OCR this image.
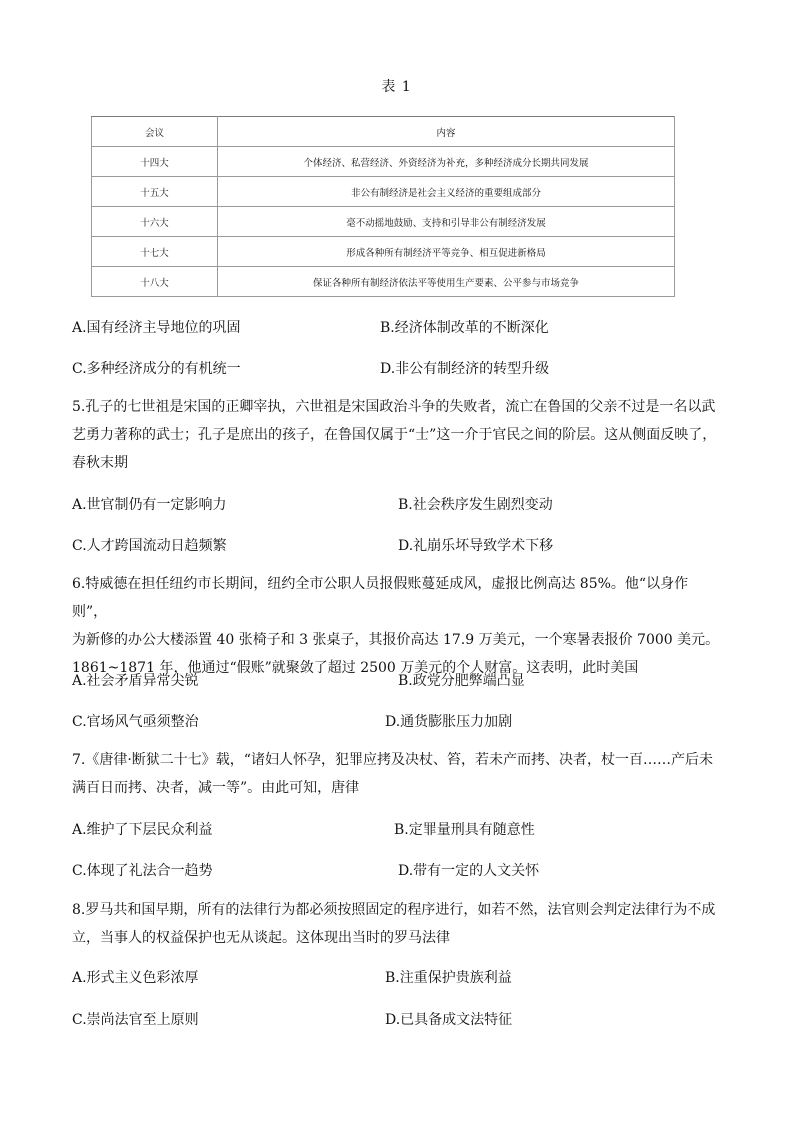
表 1
会议	内容
十四大	个体经济、私营经济、外资经济为补充，多种经济成分长期共同发展
十五大	非公有制经济是社会主义经济的重要组成部分
十六大	毫不动摇地鼓励、支持和引导非公有制经济发展
十七大	形成各种所有制经济平等竞争、相互促进新格局
十八大	保证各种所有制经济依法平等使用生产要素、公平参与市场竞争
A.国有经济主导地位的巩固	B.经济体制改革的不断深化
C.多种经济成分的有机统一	D.非公有制经济的转型升级
5.孔子的七世祖是宋国的正卿宰执，六世祖是宋国政治斗争的失败者，流亡在鲁国的父亲不过是一名以武
艺勇力著称的武士；孔子是庶出的孩子，在鲁国仅属于“士”这一介于官民之间的阶层。这从侧面反映了，
春秋末期
A.世官制仍有一定影响力	B.社会秩序发生剧烈变动
C.人才跨国流动日趋频繁	D.礼崩乐坏导致学术下移
6.特威德在担任纽约市长期间，纽约全市公职人员报假账蔓延成风，虚报比例高达 85%。他“以身作则”，
为新修的办公大楼添置 40 张椅子和 3 张桌子，其报价高达 17.9 万美元，一个寒暑表报价 7000 美元。
1861~1871 年，他通过“假账”就聚敛了超过 2500 万美元的个人财富。这表明，此时美国
A.社会矛盾异常尖锐	B.政党分肥弊端凸显
C.官场风气亟须整治	D.通货膨胀压力加剧
7.《唐律·断狱二十七》载，“诸妇人怀孕，犯罪应拷及决杖、笞，若未产而拷、决者，杖一百……产后未
满百日而拷、决者，减一等”。由此可知，唐律
A.维护了下层民众利益	B.定罪量刑具有随意性
C.体现了礼法合一趋势	D.带有一定的人文关怀
8.罗马共和国早期，所有的法律行为都必须按照固定的程序进行，如若不然，法官则会判定法律行为不成
立，当事人的权益保护也无从谈起。这体现出当时的罗马法律
A.形式主义色彩浓厚	B.注重保护贵族利益
C.崇尚法官至上原则	D.已具备成文法特征
